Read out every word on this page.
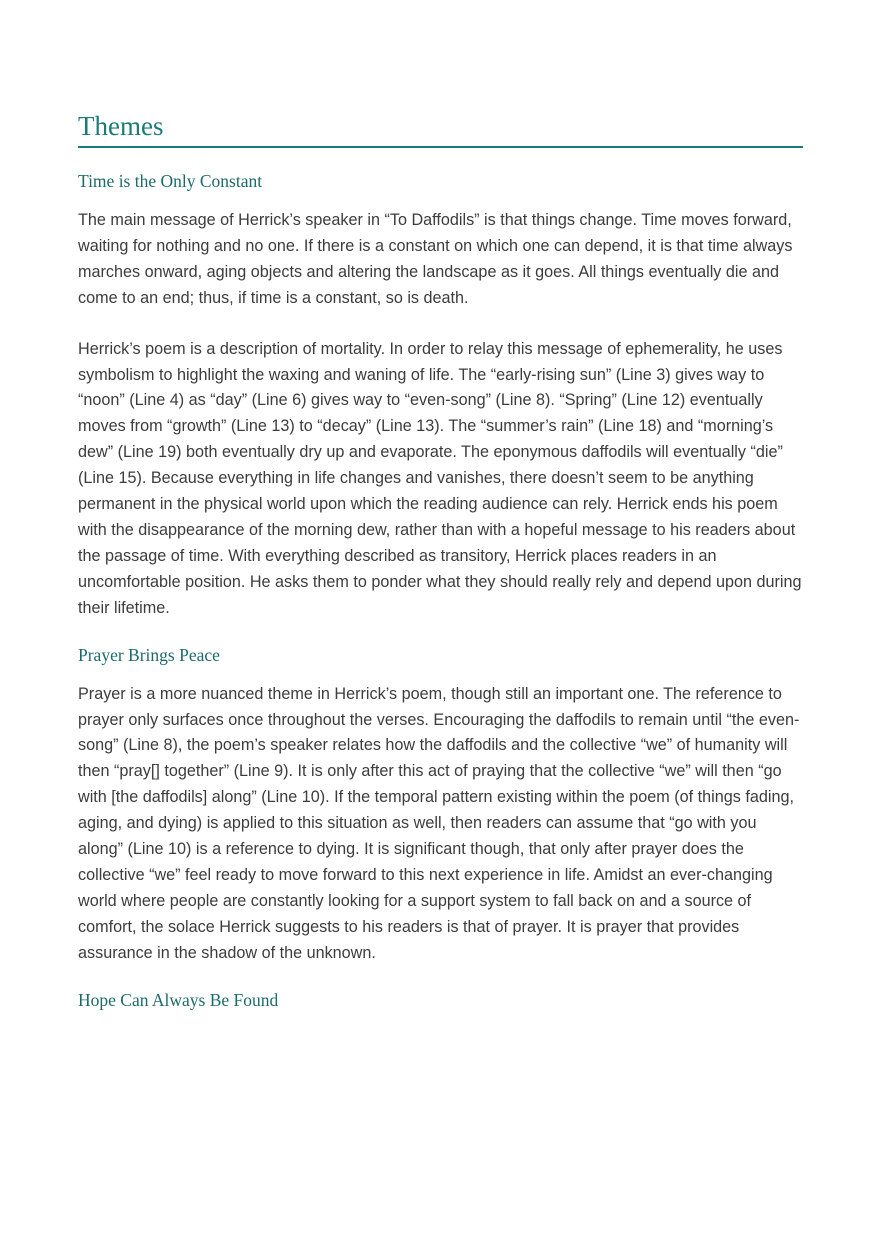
Themes
Time is the Only Constant

The main message of Herrick’s speaker in “To Daffodils” is that things change. Time moves forward, waiting for nothing and no one. If there is a constant on which one can depend, it is that time always marches onward, aging objects and altering the landscape as it goes. All things eventually die and come to an end; thus, if time is a constant, so is death.

Herrick’s poem is a description of mortality. In order to relay this message of ephemerality, he uses symbolism to highlight the waxing and waning of life. The “early-rising sun” (Line 3) gives way to “noon” (Line 4) as “day” (Line 6) gives way to “even-song” (Line 8). “Spring” (Line 12) eventually moves from “growth” (Line 13) to “decay” (Line 13). The “summer’s rain” (Line 18) and “morning’s dew” (Line 19) both eventually dry up and evaporate. The eponymous daffodils will eventually “die” (Line 15). Because everything in life changes and vanishes, there doesn’t seem to be anything permanent in the physical world upon which the reading audience can rely. Herrick ends his poem with the disappearance of the morning dew, rather than with a hopeful message to his readers about the passage of time. With everything described as transitory, Herrick places readers in an uncomfortable position. He asks them to ponder what they should really rely and depend upon during their lifetime.

Prayer Brings Peace

Prayer is a more nuanced theme in Herrick’s poem, though still an important one. The reference to prayer only surfaces once throughout the verses. Encouraging the daffodils to remain until “the even-song” (Line 8), the poem’s speaker relates how the daffodils and the collective “we” of humanity will then “pray[] together” (Line 9). It is only after this act of praying that the collective “we” will then “go with [the daffodils] along” (Line 10). If the temporal pattern existing within the poem (of things fading, aging, and dying) is applied to this situation as well, then readers can assume that “go with you along” (Line 10) is a reference to dying. It is significant though, that only after prayer does the collective “we” feel ready to move forward to this next experience in life. Amidst an ever-changing world where people are constantly looking for a support system to fall back on and a source of comfort, the solace Herrick suggests to his readers is that of prayer. It is prayer that provides assurance in the shadow of the unknown.

Hope Can Always Be Found
